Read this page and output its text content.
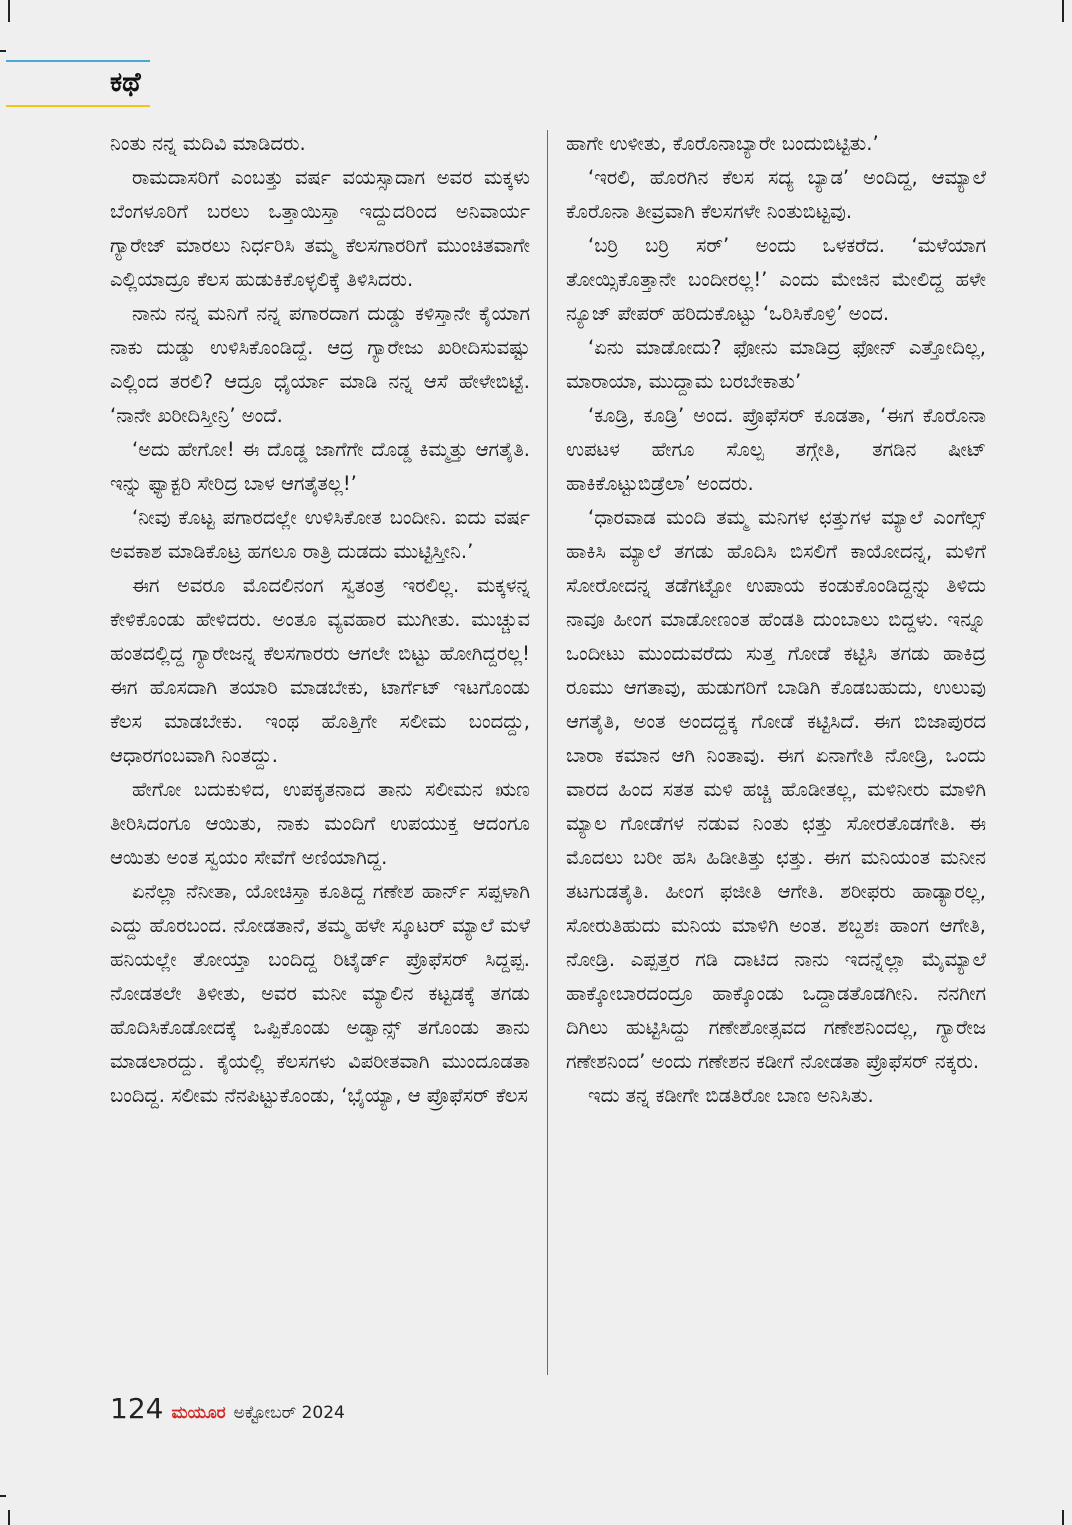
ಕಥೆ

ನಿಂತು ನನ್ನ ಮದಿವಿ ಮಾಡಿದರು.

ರಾಮದಾಸರಿಗೆ ಎಂಬತ್ತು ವರ್ಷ ವಯಸ್ಸಾದಾಗ ಅವರ ಮಕ್ಕಳು ಬೆಂಗಳೂರಿಗೆ ಬರಲು ಒತ್ತಾಯಿಸ್ತಾ ಇದ್ದುದರಿಂದ ಅನಿವಾರ್ಯ ಗ್ಯಾರೇಜ್ ಮಾರಲು ನಿರ್ಧರಿಸಿ ತಮ್ಮ ಕೆಲಸಗಾರರಿಗೆ ಮುಂಚಿತವಾಗೇ ಎಲ್ಲಿಯಾದ್ರೂ ಕೆಲಸ ಹುಡುಕಿಕೊಳ್ಳಲಿಕ್ಕೆ ತಿಳಿಸಿದರು.

ನಾನು ನನ್ನ ಮನಿಗೆ ನನ್ನ ಪಗಾರದಾಗ ದುಡ್ಡು ಕಳಿಸ್ತಾನೇ ಕೈಯಾಗ ನಾಕು ದುಡ್ಡು ಉಳಿಸಿಕೊಂಡಿದ್ದೆ. ಆದ್ರ ಗ್ಯಾರೇಜು ಖರೀದಿಸುವಷ್ಟು ಎಲ್ಲಿಂದ ತರಲಿ? ಆದ್ರೂ ಧೈರ್ಯಾ ಮಾಡಿ ನನ್ನ ಆಸೆ ಹೇಳೇಬಿಟ್ಟೆ. ‘ನಾನೇ ಖರೀದಿಸ್ತೀನ್ರಿ’ ಅಂದೆ.

‘ಅದು ಹೇಗೋ! ಈ ದೊಡ್ಡ ಜಾಗೆಗೇ ದೊಡ್ಡ ಕಿಮ್ಮತ್ತು ಆಗತೈತಿ. ಇನ್ನು ಫ್ಯಾಕ್ಟರಿ ಸೇರಿದ್ರ ಬಾಳ ಆಗತೈತಲ್ಲ!’

‘ನೀವು ಕೊಟ್ಟ ಪಗಾರದಲ್ಲೇ ಉಳಿಸಿಕೋತ ಬಂದೀನಿ. ಐದು ವರ್ಷ ಅವಕಾಶ ಮಾಡಿಕೊಟ್ರ ಹಗಲೂ ರಾತ್ರಿ ದುಡದು ಮುಟ್ಟಿಸ್ತೀನಿ.’

ಈಗ ಅವರೂ ಮೊದಲಿನಂಗ ಸ್ವತಂತ್ರ ಇರಲಿಲ್ಲ. ಮಕ್ಕಳನ್ನ ಕೇಳಿಕೊಂಡು ಹೇಳಿದರು. ಅಂತೂ ವ್ಯವಹಾರ ಮುಗೀತು. ಮುಚ್ಚುವ ಹಂತದಲ್ಲಿದ್ದ ಗ್ಯಾರೇಜನ್ನ ಕೆಲಸಗಾರರು ಆಗಲೇ ಬಿಟ್ಟು ಹೋಗಿದ್ದರಲ್ಲ! ಈಗ ಹೊಸದಾಗಿ ತಯಾರಿ ಮಾಡಬೇಕು, ಟಾರ್ಗೆಟ್ ಇಟಗೊಂಡು ಕೆಲಸ ಮಾಡಬೇಕು. ಇಂಥ ಹೊತ್ತಿಗೇ ಸಲೀಮ ಬಂದದ್ದು, ಆಧಾರಗಂಬವಾಗಿ ನಿಂತದ್ದು.

ಹೇಗೋ ಬದುಕುಳಿದ, ಉಪಕೃತನಾದ ತಾನು ಸಲೀಮನ ಋಣ ತೀರಿಸಿದಂಗೂ ಆಯಿತು, ನಾಕು ಮಂದಿಗೆ ಉಪಯುಕ್ತ ಆದಂಗೂ ಆಯಿತು ಅಂತ ಸ್ವಯಂ ಸೇವೆಗೆ ಅಣಿಯಾಗಿದ್ದ.

ಏನೆಲ್ಲಾ ನೆನೀತಾ, ಯೋಚಿಸ್ತಾ ಕೂತಿದ್ದ ಗಣೇಶ ಹಾರ್ನ್ ಸಪ್ಪಳಾಗಿ ಎದ್ದು ಹೊರಬಂದ. ನೋಡತಾನೆ, ತಮ್ಮ ಹಳೇ ಸ್ಕೂಟರ್ ಮ್ಯಾಲೆ ಮಳೆ ಹನಿಯಲ್ಲೇ ತೋಯ್ತಾ ಬಂದಿದ್ದ ರಿಟೈರ್ಡ್ ಪ್ರೊಫೆಸರ್ ಸಿದ್ದಪ್ಪ. ನೋಡತಲೇ ತಿಳೀತು, ಅವರ ಮನೀ ಮ್ಯಾಲಿನ ಕಟ್ಟಡಕ್ಕೆ ತಗಡು ಹೊದಿಸಿಕೊಡೋದಕ್ಕೆ ಒಪ್ಪಿಕೊಂಡು ಅಡ್ವಾನ್ಸ್ ತಗೊಂಡು ತಾನು ಮಾಡಲಾರದ್ದು. ಕೈಯಲ್ಲಿ ಕೆಲಸಗಳು ವಿಪರೀತವಾಗಿ ಮುಂದೂಡತಾ ಬಂದಿದ್ದ. ಸಲೀಮ ನೆನಪಿಟ್ಟುಕೊಂಡು, ‘ಭೈಯ್ಯಾ, ಆ ಪ್ರೊಫೆಸರ್ ಕೆಲಸ

ಹಾಗೇ ಉಳೀತು, ಕೊರೊನಾಬ್ಯಾರೇ ಬಂದುಬಿಟ್ಟಿತು.’

‘ಇರಲಿ, ಹೊರಗಿನ ಕೆಲಸ ಸದ್ಯ ಬ್ಯಾಡ’ ಅಂದಿದ್ದ, ಆಮ್ಯಾಲೆ ಕೊರೊನಾ ತೀವ್ರವಾಗಿ ಕೆಲಸಗಳೇ ನಿಂತುಬಿಟ್ಟವು.

‘ಬರ್ರಿ ಬರ್ರಿ ಸರ್’ ಅಂದು ಒಳಕರೆದ. ‘ಮಳೆಯಾಗ ತೋಯ್ಸಿಕೊತ್ತಾನೇ ಬಂದೀರಲ್ಲ!’ ಎಂದು ಮೇಜಿನ ಮೇಲಿದ್ದ ಹಳೇ ನ್ಯೂಜ್ ಪೇಪರ್ ಹರಿದುಕೊಟ್ಟು ‘ಒರಿಸಿಕೊಳ್ರಿ’ ಅಂದ.

‘ಏನು ಮಾಡೋದು? ಫೋನು ಮಾಡಿದ್ರ ಫೋನ್ ಎತ್ತೋದಿಲ್ಲ, ಮಾರಾಯಾ, ಮುದ್ದಾಮ ಬರಬೇಕಾತು’

‘ಕೂಡ್ರಿ, ಕೂಡ್ರಿ’ ಅಂದ. ಪ್ರೊಫೆಸರ್ ಕೂಡತಾ, ‘ಈಗ ಕೊರೊನಾ ಉಪಟಳ ಹೇಗೂ ಸೊಲ್ಪ ತಗ್ಗೇತಿ, ತಗಡಿನ ಷೀಟ್ ಹಾಕಿಕೊಟ್ಟುಬಿಡ್ರೆಲಾ’ ಅಂದರು.

‘ಧಾರವಾಡ ಮಂದಿ ತಮ್ಮ ಮನಿಗಳ ಛತ್ತುಗಳ ಮ್ಯಾಲೆ ಎಂಗೆಲ್ಸ್ ಹಾಕಿಸಿ ಮ್ಯಾಲೆ ತಗಡು ಹೊದಿಸಿ ಬಿಸಲಿಗೆ ಕಾಯೋದನ್ನ, ಮಳಿಗೆ ಸೋರೋದನ್ನ ತಡೆಗಟ್ಟೋ ಉಪಾಯ ಕಂಡುಕೊಂಡಿದ್ದನ್ನು ತಿಳಿದು ನಾವೂ ಹೀಂಗ ಮಾಡೋಣಂತ ಹೆಂಡತಿ ದುಂಬಾಲು ಬಿದ್ದಳು. ಇನ್ನೂ ಒಂದೀಟು ಮುಂದುವರೆದು ಸುತ್ತ ಗೋಡೆ ಕಟ್ಟಿಸಿ ತಗಡು ಹಾಕಿದ್ರ ರೂಮು ಆಗತಾವು, ಹುಡುಗರಿಗೆ ಬಾಡಿಗಿ ಕೊಡಬಹುದು, ಉಲುವು ಆಗತೈತಿ, ಅಂತ ಅಂದದ್ದಕ್ಕ ಗೋಡೆ ಕಟ್ಟಿಸಿದೆ. ಈಗ ಬಿಜಾಪುರದ ಬಾರಾ ಕಮಾನ ಆಗಿ ನಿಂತಾವು. ಈಗ ಏನಾಗೇತಿ ನೋಡ್ರಿ, ಒಂದು ವಾರದ ಹಿಂದ ಸತತ ಮಳಿ ಹಚ್ಚಿ ಹೊಡೀತಲ್ಲ, ಮಳಿನೀರು ಮಾಳಿಗಿ ಮ್ಯಾಲ ಗೋಡೆಗಳ ನಡುವ ನಿಂತು ಛತ್ತು ಸೋರತೊಡಗೇತಿ. ಈ ಮೊದಲು ಬರೀ ಹಸಿ ಹಿಡೀತಿತ್ತು ಛತ್ತು. ಈಗ ಮನಿಯಂತ ಮನೀನ ತಟಗುಡತೈತಿ. ಹೀಂಗ ಫಜೀತಿ ಆಗೇತಿ. ಶರೀಫರು ಹಾಡ್ಯಾರಲ್ಲ, ಸೋರುತಿಹುದು ಮನಿಯ ಮಾಳಿಗಿ ಅಂತ. ಶಬ್ದಶಃ ಹಾಂಗ ಆಗೇತಿ, ನೋಡ್ರಿ. ಎಪ್ಪತ್ತರ ಗಡಿ ದಾಟಿದ ನಾನು ಇದನ್ನೆಲ್ಲಾ ಮೈಮ್ಯಾಲೆ ಹಾಕ್ಕೋಬಾರದಂದ್ರೂ ಹಾಕ್ಕೊಂಡು ಒದ್ದಾಡತೊಡಗೀನಿ. ನನಗೀಗ ದಿಗಿಲು ಹುಟ್ಟಿಸಿದ್ದು ಗಣೇಶೋತ್ಸವದ ಗಣೇಶನಿಂದಲ್ಲ, ಗ್ಯಾರೇಜ ಗಣೇಶನಿಂದ’ ಅಂದು ಗಣೇಶನ ಕಡೀಗೆ ನೋಡತಾ ಪ್ರೊಫೆಸರ್ ನಕ್ಕರು.

ಇದು ತನ್ನ ಕಡೀಗೇ ಬಿಡತಿರೋ ಬಾಣ ಅನಿಸಿತು.

124 ಮಯೂರ ಅಕ್ಟೋಬರ್ 2024
